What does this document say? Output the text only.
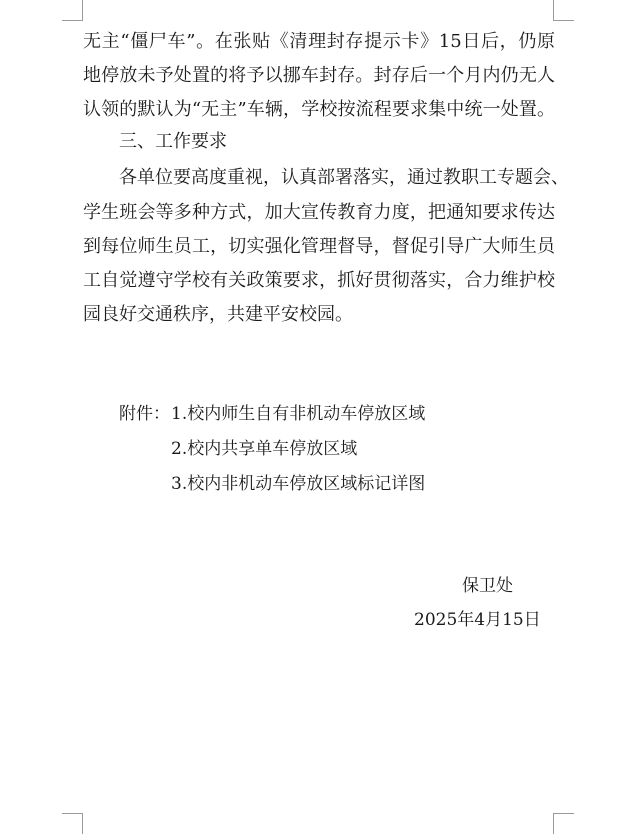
无主“僵尸车”。在张贴《清理封存提示卡》15日后，仍原
地停放未予处置的将予以挪车封存。封存后一个月内仍无人
认领的默认为“无主”车辆，学校按流程要求集中统一处置。
三、工作要求
各单位要高度重视，认真部署落实，通过教职工专题会、
学生班会等多种方式，加大宣传教育力度，把通知要求传达
到每位师生员工，切实强化管理督导，督促引导广大师生员
工自觉遵守学校有关政策要求，抓好贯彻落实，合力维护校
园良好交通秩序，共建平安校园。
附件： 1.校内师生自有非机动车停放区域
2.校内共享单车停放区域
3.校内非机动车停放区域标记详图
保卫处
2025年4月15日
